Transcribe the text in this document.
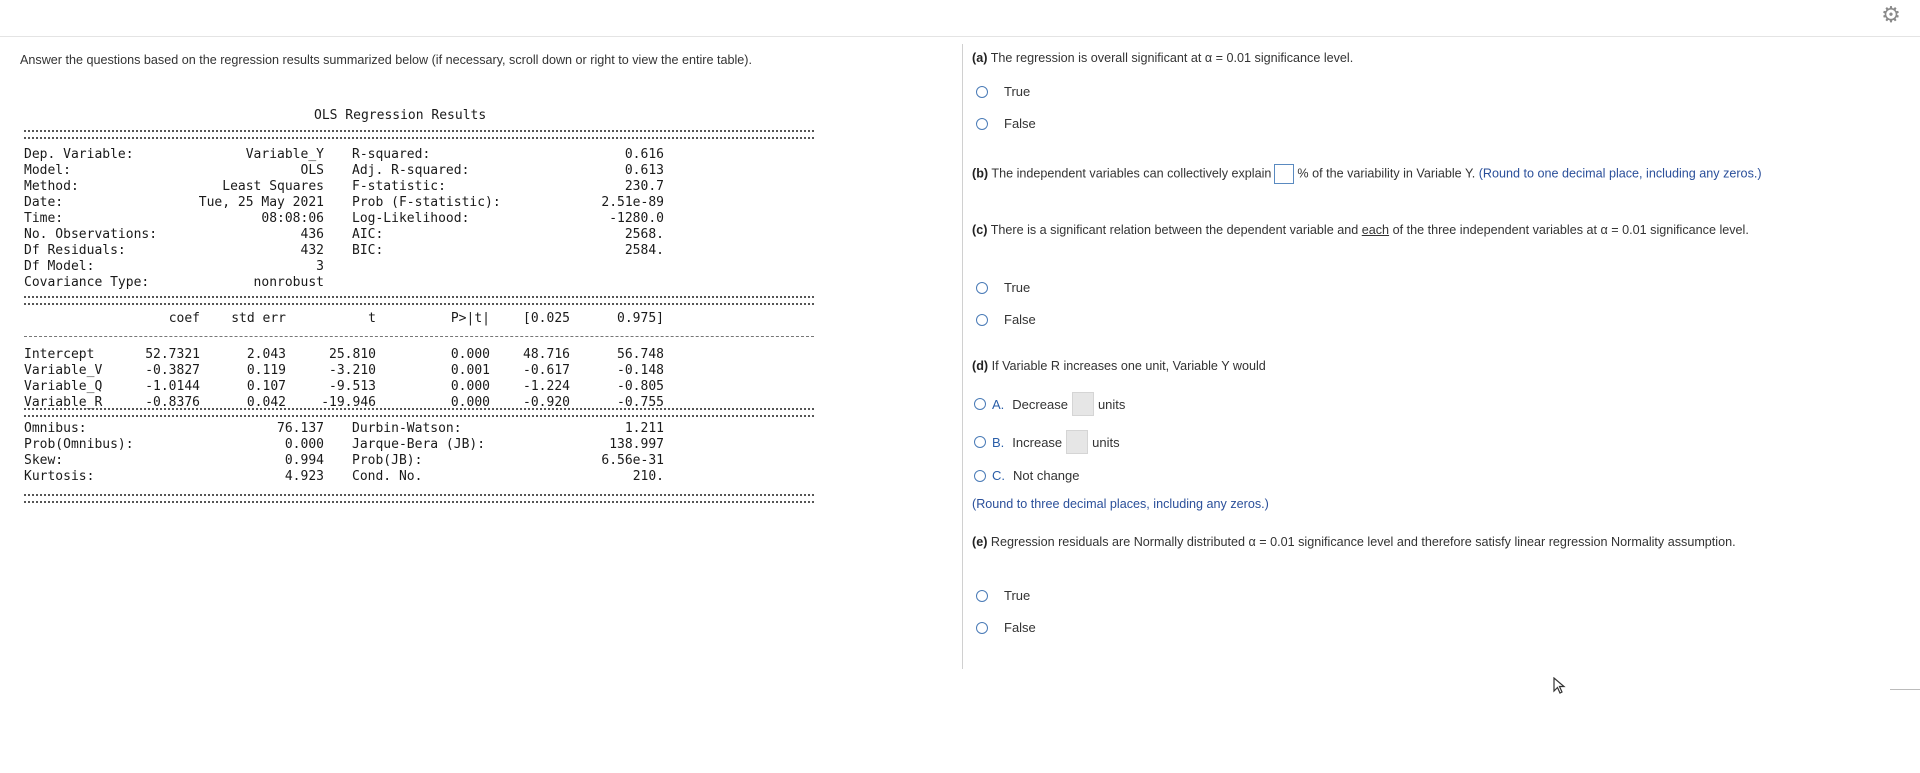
⚙
Answer the questions based on the regression results summarized below (if necessary, scroll down or right to view the entire table).
OLS Regression Results
Dep. Variable:	Variable_Y
Model:	OLS
Method:	Least Squares
Date:	Tue, 25 May 2021
Time:	08:08:06
No. Observations:	436
Df Residuals:	432
Df Model:	3
Covariance Type:	nonrobust
R-squared:	0.616
Adj. R-squared:	0.613
F-statistic:	230.7
Prob (F-statistic):	2.51e-89
Log-Likelihood:	-1280.0
AIC:	2568.
BIC:	2584.
coef	std err	t	P>|t|	[0.025	0.975]
Intercept	52.7321	2.043	25.810	0.000	48.716	56.748
Variable_V	-0.3827	0.119	-3.210	0.001	-0.617	-0.148
Variable_Q	-1.0144	0.107	-9.513	0.000	-1.224	-0.805
Variable_R	-0.8376	0.042	-19.946	0.000	-0.920	-0.755
Omnibus:	76.137
Prob(Omnibus):	0.000
Skew:	0.994
Kurtosis:	4.923
Durbin-Watson:	1.211
Jarque-Bera (JB):	138.997
Prob(JB):	6.56e-31
Cond. No.	210.
(a) The regression is overall significant at α = 0.01 significance level.
True
False
(b) The independent variables can collectively explain % of the variability in Variable Y. (Round to one decimal place, including any zeros.)
(c) There is a significant relation between the dependent variable and each of the three independent variables at α = 0.01 significance level.
True
False
(d) If Variable R increases one unit, Variable Y would
A. Decrease units
B. Increase units
C. Not change
(Round to three decimal places, including any zeros.)
(e) Regression residuals are Normally distributed α = 0.01 significance level and therefore satisfy linear regression Normality assumption.
True
False
